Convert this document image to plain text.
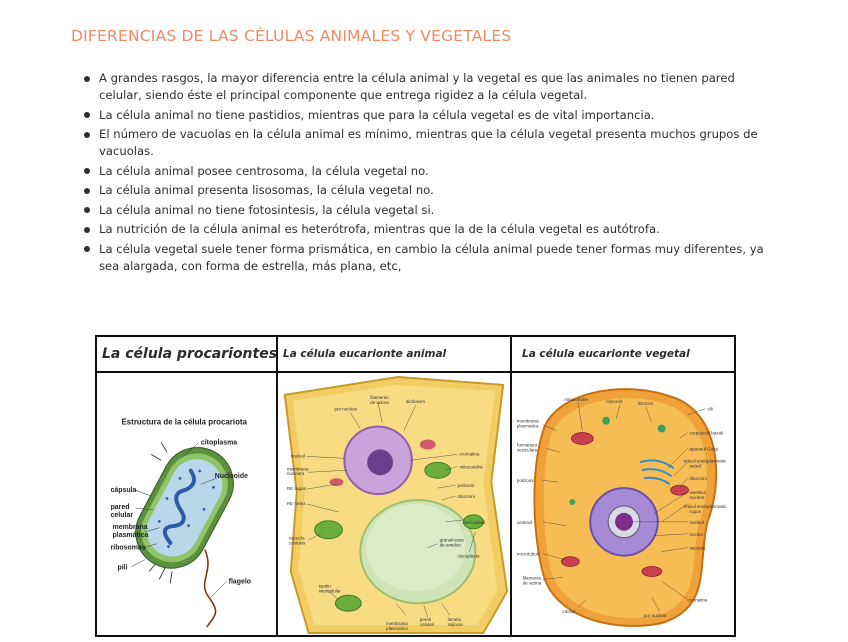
DIFERENCIAS DE LAS CÉLULAS ANIMALES Y VEGETALES
A grandes rasgos, la mayor diferencia entre la célula animal y la vegetal es que las animales no tienen pared celular, siendo éste el principal componente que entrega rigidez a la célula vegetal.
La célula animal no tiene pastidios, mientras que para la célula vegetal es de vital importancia.
El número de vacuolas en la célula animal es mínimo, mientras que la célula vegetal presenta muchos grupos de vacuolas.
La célula animal posee centrosoma, la célula vegetal no.
La célula animal presenta lisosomas, la célula vegetal no.
La célula animal no tiene fotosintesis, la célula vegetal si.
La nutrición de la célula animal es heterótrofa, mientras que la de la célula vegetal es autótrofa.
La célula vegetal suele tener forma prismática, en cambio la célula animal puede tener formas muy diferentes, ya sea alargada, con forma de estrella, más plana, etc,
La célula procariontes
Estructura de la célula procariota
citoplasma
Nucleoide
cápsula
pared
celular
membrana
plasmática
ribosomas
pili
flagelo
La célula eucarionte animal
filamento
de actina
por nuclear
dictiosom
nucleol
membrana
nucleara
RE rugos
RE netez
cromatina
mitocondrie
polizomi
ribozomi
microtubuli
vacuola
centrala
granulnoare
de amidon
cloroplasta
spatiu
intercelular
membrana
plasmatica
pereti
celulari
lamela
mijlocie
La célula eucarionte vegetal
mitocondrie	microvili	lizozom
cili
membrana
plasmatica
corpusculi bazali
formatiuni
veziculare	aparatul Golgi
reticul endoplasmatic
neted
polizomi	ribozomi
invelisul
nuclear
reticul endoplasmatic
rugos
nucleol
centrioli
nucleu
vacuola
microtubuli
filamente
de actina
citosol
por nuclear
cromatina
